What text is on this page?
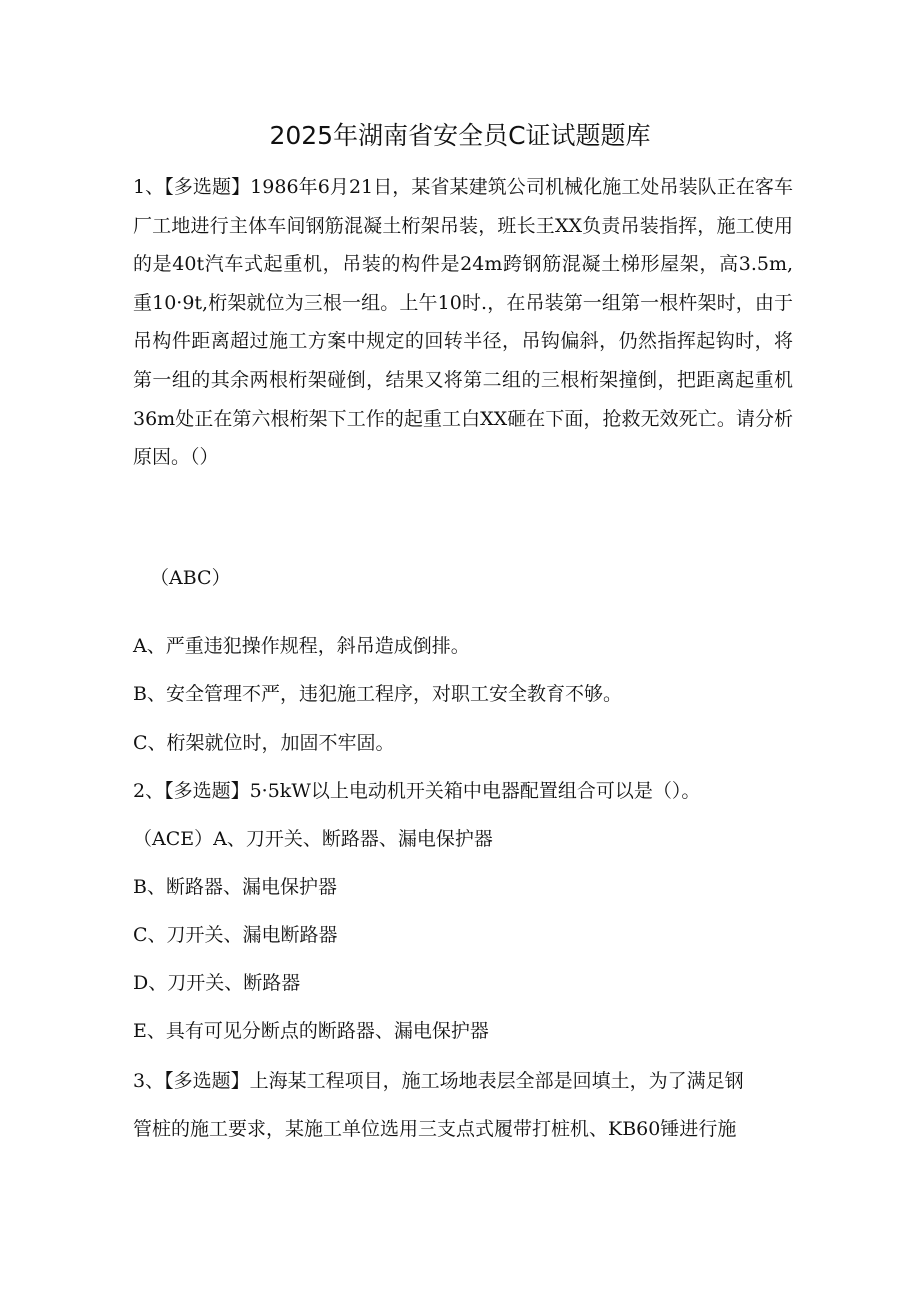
2025年湖南省安全员C证试题题库

1、【多选题】1986年6月21日，某省某建筑公司机械化施工处吊装队正在客车厂工地进行主体车间钢筋混凝土桁架吊装，班长王XX负责吊装指挥，施工使用的是40t汽车式起重机，吊装的构件是24m跨钢筋混凝土梯形屋架，高3.5m,重10·9t,桁架就位为三根一组。上午10时.，在吊装第一组第一根杵架时，由于吊构件距离超过施工方案中规定的回转半径，吊钩偏斜，仍然指挥起钩时，将第一组的其余两根桁架碰倒，结果又将第二组的三根桁架撞倒，把距离起重机36m处正在第六根桁架下工作的起重工白XX砸在下面，抢救无效死亡。请分析原因。（）

（ABC）

A、严重违犯操作规程，斜吊造成倒排。

B、安全管理不严，违犯施工程序，对职工安全教育不够。

C、桁架就位时，加固不牢固。

2、【多选题】5·5kW以上电动机开关箱中电器配置组合可以是（）。

（ACE）A、刀开关、断路器、漏电保护器

B、断路器、漏电保护器

C、刀开关、漏电断路器

D、刀开关、断路器

E、具有可见分断点的断路器、漏电保护器

3、【多选题】上海某工程项目，施工场地表层全部是回填土，为了满足钢

管桩的施工要求，某施工单位选用三支点式履带打桩机、KB60锤进行施
